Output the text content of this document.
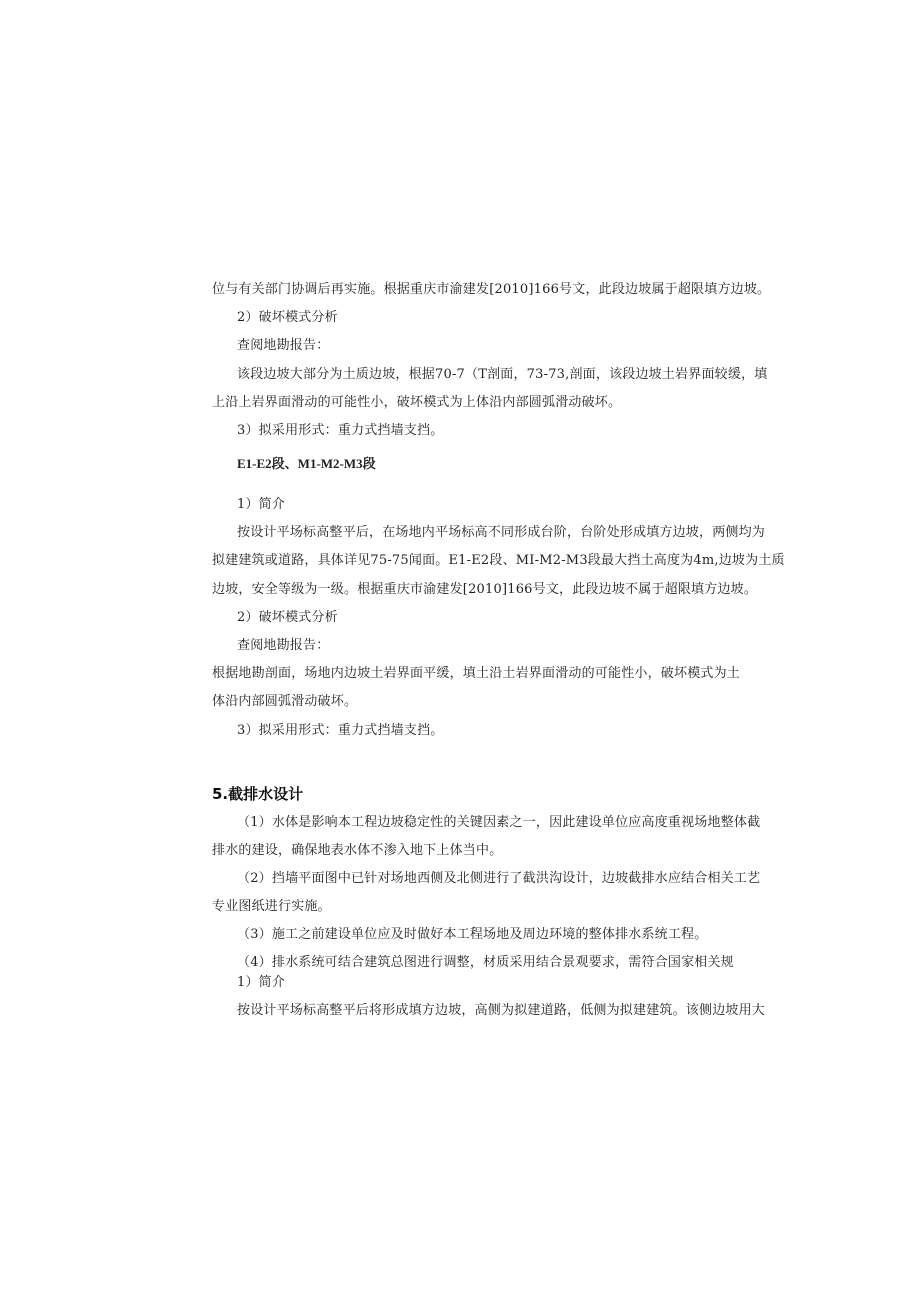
位与有关部门协调后再实施。根据重庆市渝建发[2010]166号文，此段边坡属于超限填方边坡。
2）破坏模式分析
查阅地勘报告：
该段边坡大部分为土质边坡，根据70-7（T剖面，73-73,剖面，该段边坡土岩界面较缓，填
上沿上岩界面滑动的可能性小，破坏模式为上体沿内部圆弧滑动破坏。
3）拟采用形式：重力式挡墙支挡。
E1-E2段、M1-M2-M3段
1）简介
按设计平场标高整平后，在场地内平场标高不同形成台阶，台阶处形成填方边坡，两侧均为
拟建建筑或道路，具体详见75-75闻面。E1-E2段、MI-M2-M3段最大挡土高度为4m,边坡为土质
边坡，安全等级为一级。根据重庆市渝建发[2010]166号文，此段边坡不属于超限填方边坡。
2）破坏模式分析
查阅地勘报告：
根据地勘剖面，场地内边坡土岩界面平缓，填土沿土岩界面滑动的可能性小，破坏模式为土
体沿内部圆弧滑动破坏。
3）拟采用形式：重力式挡墙支挡。
5.截排水设计
（1）水体是影响本工程边坡稳定性的关键因素之一，因此建设单位应高度重视场地整体截
排水的建设，确保地表水体不渗入地下上体当中。
（2）挡墙平面图中已针对场地西侧及北侧进行了截洪沟设计，边坡截排水应结合相关工艺
专业图纸进行实施。
（3）施工之前建设单位应及时做好本工程场地及周边环境的整体排水系统工程。
（4）排水系统可结合建筑总图进行调整，材质采用结合景观要求，需符合国家相关规
1）简介
按设计平场标高整平后将形成填方边坡，高侧为拟建道路，低侧为拟建建筑。该侧边坡用大
